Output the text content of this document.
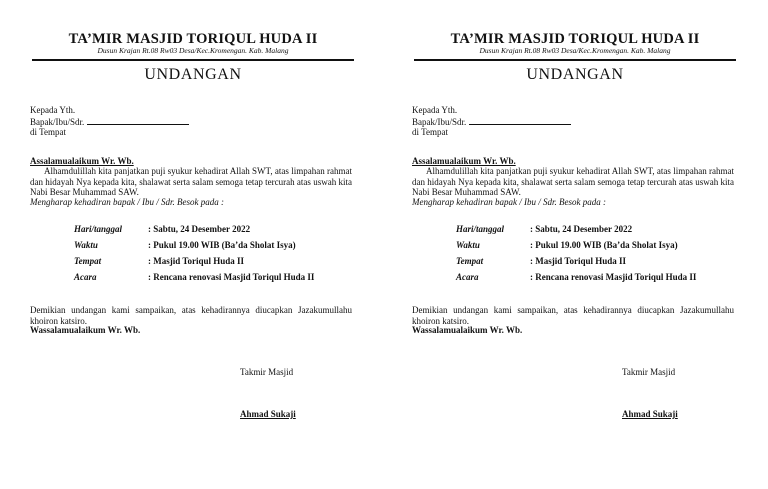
TA’MIR MASJID TORIQUL HUDA II
Dusun Krajan Rt.08 Rw03 Desa/Kec.Kromengan. Kab. Malang
UNDANGAN
Kepada Yth.
Bapak/Ibu/Sdr.
di Tempat
Assalamualaikum Wr. Wb.
Alhamdulillah kita panjatkan puji syukur kehadirat Allah SWT, atas limpahan rahmat dan hidayah Nya kepada kita, shalawat serta salam semoga tetap tercurah atas uswah kita Nabi Besar Muhammad SAW.
Mengharap kehadiran bapak / Ibu / Sdr. Besok pada :
Hari/tanggal	: Sabtu, 24 Desember 2022
Waktu	: Pukul 19.00 WIB (Ba’da Sholat Isya)
Tempat	: Masjid Toriqul Huda II
Acara	: Rencana renovasi Masjid Toriqul Huda II
Demikian undangan kami sampaikan, atas kehadirannya diucapkan Jazakumullahu khoiron katsiro.
Wassalamualaikum Wr. Wb.
Takmir Masjid
Ahmad Sukaji
TA’MIR MASJID TORIQUL HUDA II
Dusun Krajan Rt.08 Rw03 Desa/Kec.Kromengan. Kab. Malang
UNDANGAN
Kepada Yth.
Bapak/Ibu/Sdr.
di Tempat
Assalamualaikum Wr. Wb.
Alhamdulillah kita panjatkan puji syukur kehadirat Allah SWT, atas limpahan rahmat dan hidayah Nya kepada kita, shalawat serta salam semoga tetap tercurah atas uswah kita Nabi Besar Muhammad SAW.
Mengharap kehadiran bapak / Ibu / Sdr. Besok pada :
Hari/tanggal	: Sabtu, 24 Desember 2022
Waktu	: Pukul 19.00 WIB (Ba’da Sholat Isya)
Tempat	: Masjid Toriqul Huda II
Acara	: Rencana renovasi Masjid Toriqul Huda II
Demikian undangan kami sampaikan, atas kehadirannya diucapkan Jazakumullahu khoiron katsiro.
Wassalamualaikum Wr. Wb.
Takmir Masjid
Ahmad Sukaji
